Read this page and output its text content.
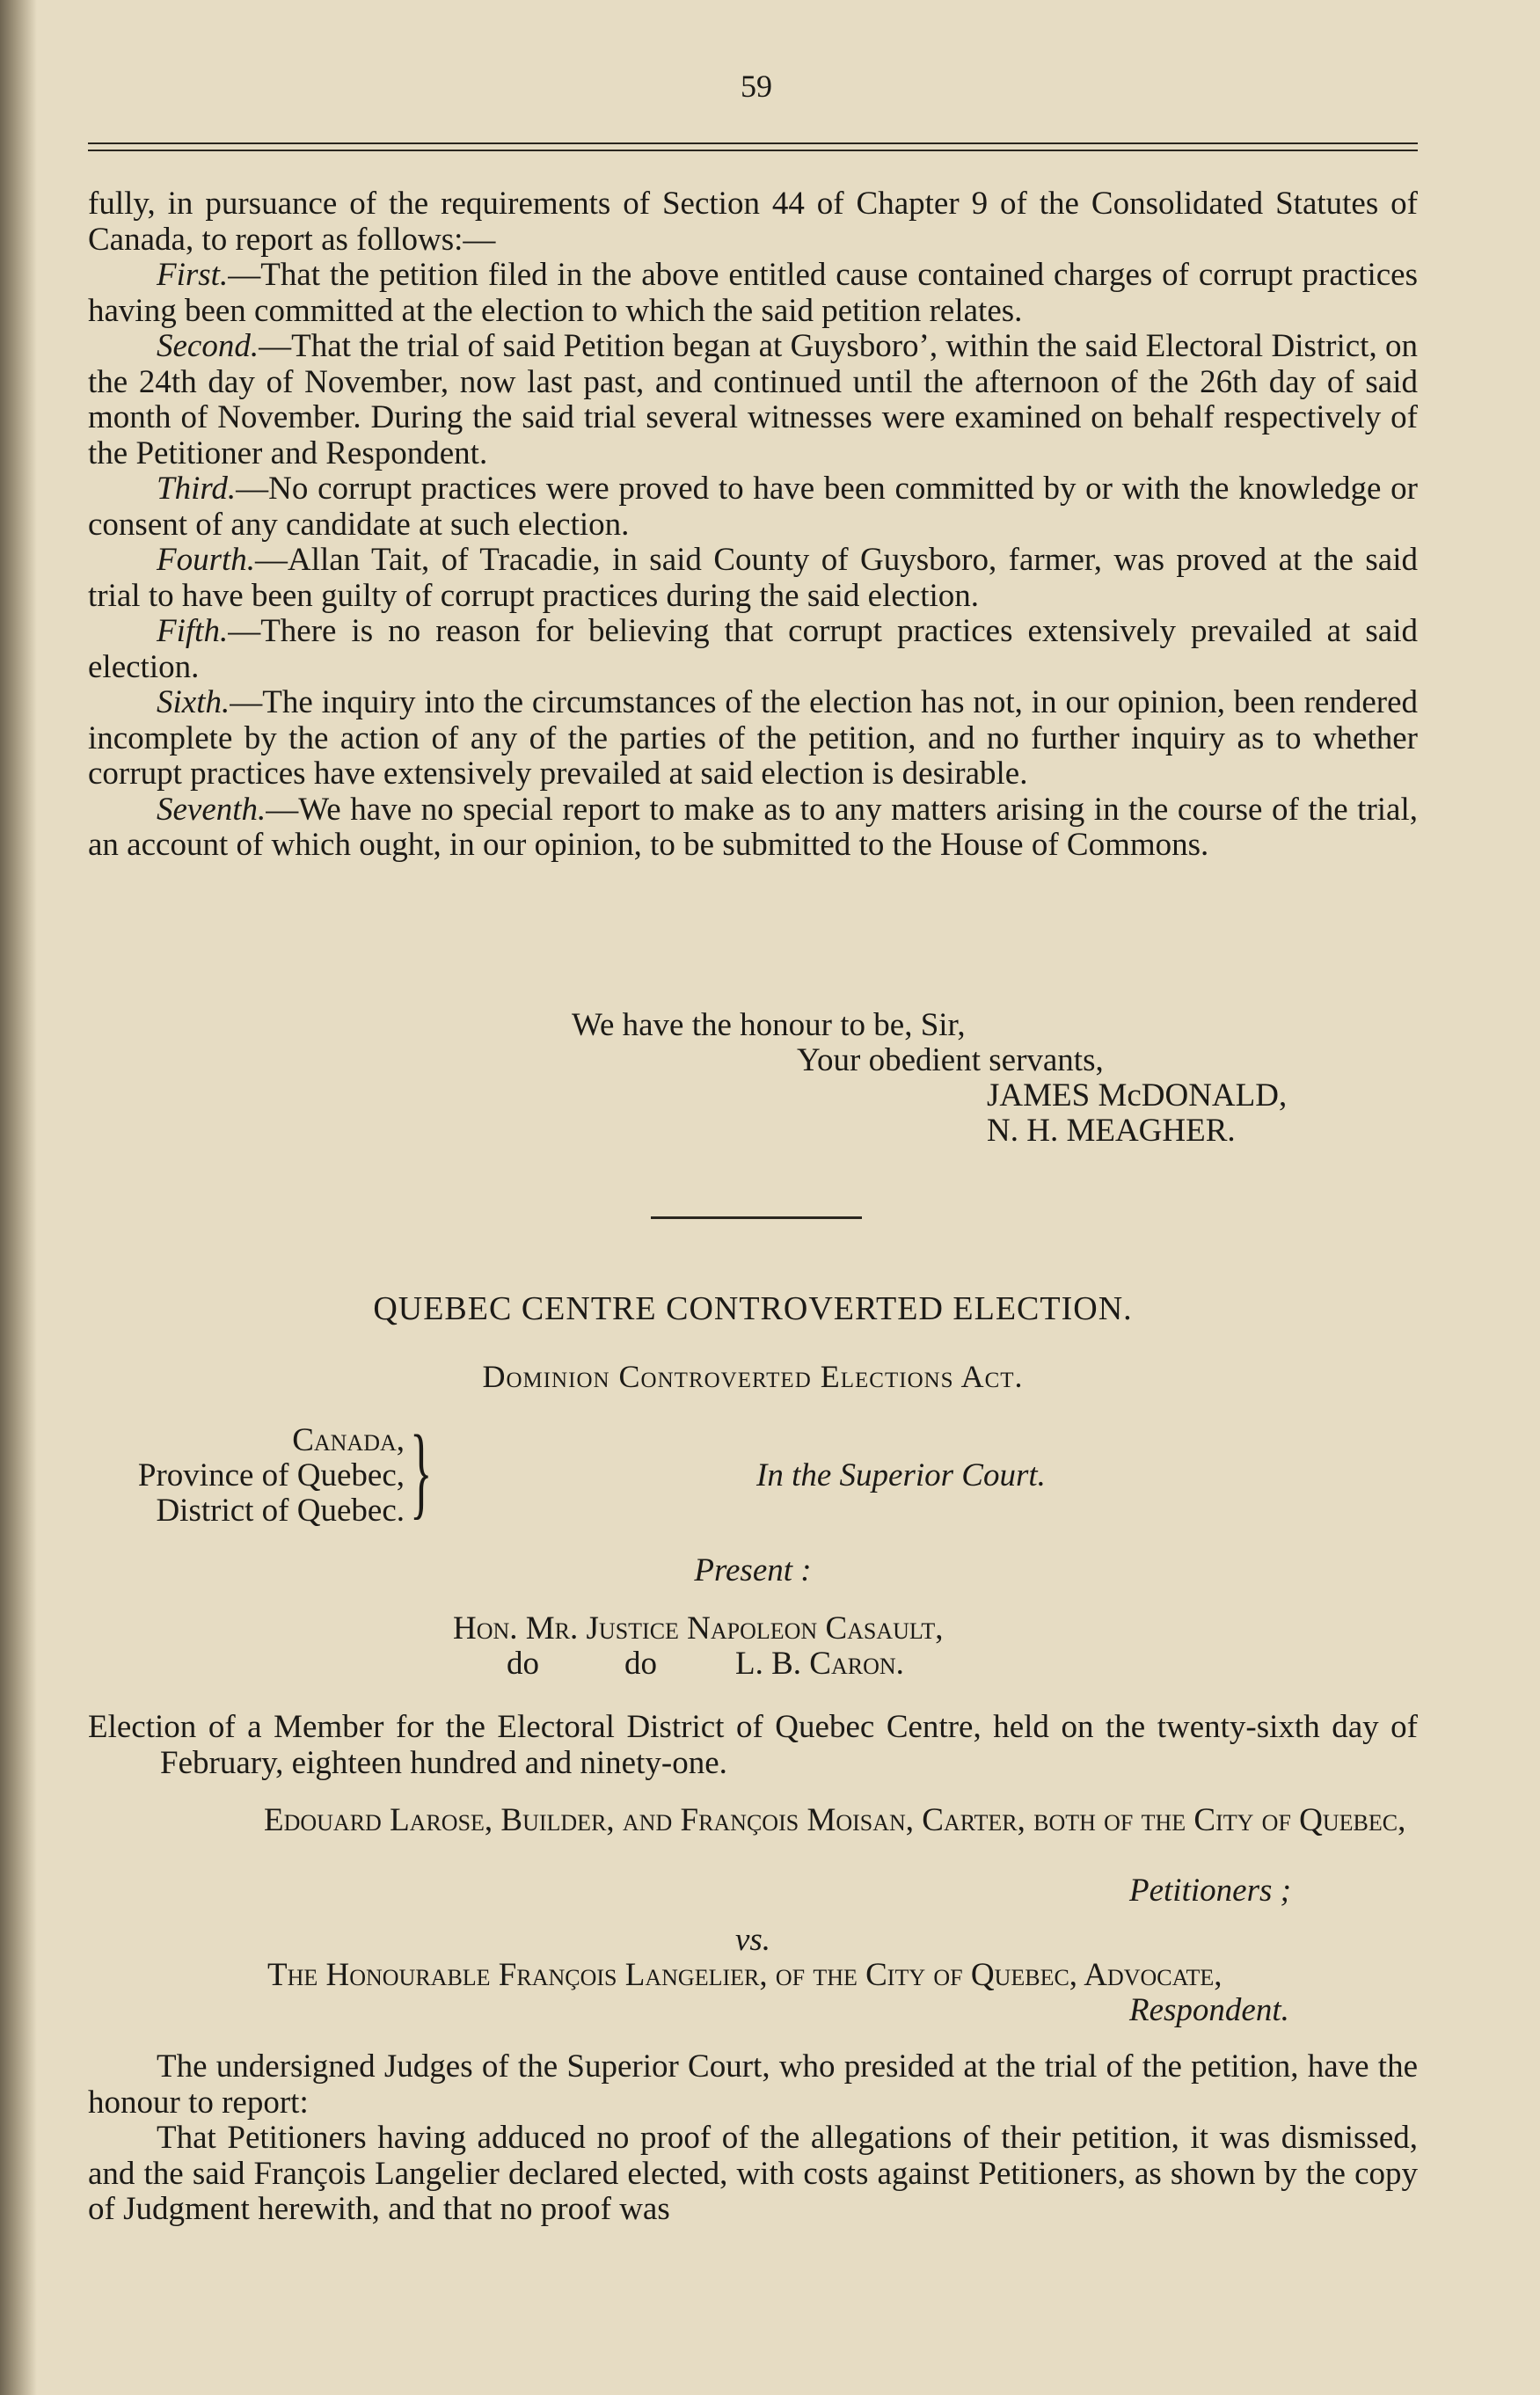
59

fully, in pursuance of the requirements of Section 44 of Chapter 9 of the Consolidated Statutes of Canada, to report as follows:—

First.—That the petition filed in the above entitled cause contained charges of corrupt practices having been committed at the election to which the said petition relates.

Second.—That the trial of said Petition began at Guysboro’, within the said Electoral District, on the 24th day of November, now last past, and continued until the afternoon of the 26th day of said month of November. During the said trial several witnesses were examined on behalf respectively of the Petitioner and Respondent.

Third.—No corrupt practices were proved to have been committed by or with the knowledge or consent of any candidate at such election.

Fourth.—Allan Tait, of Tracadie, in said County of Guysboro, farmer, was proved at the said trial to have been guilty of corrupt practices during the said election.

Fifth.—There is no reason for believing that corrupt practices extensively prevailed at said election.

Sixth.—The inquiry into the circumstances of the election has not, in our opinion, been rendered incomplete by the action of any of the parties of the petition, and no further inquiry as to whether corrupt practices have extensively prevailed at said election is desirable.

Seventh.—We have no special report to make as to any matters arising in the course of the trial, an account of which ought, in our opinion, to be submitted to the House of Commons.

We have the honour to be, Sir,
Your obedient servants,
JAMES McDONALD,
N. H. MEAGHER.
QUEBEC CENTRE CONTROVERTED ELECTION.
Dominion Controverted Elections Act.
Canada,
Province of Quebec,
District of Quebec. }	In the Superior Court.
Present :
Hon. Mr. Justice Napoleon Casault,
do	do L. B. Caron.

Election of a Member for the Electoral District of Quebec Centre, held on the twenty-sixth day of February, eighteen hundred and ninety-one.

Edouard Larose, Builder, and François Moisan, Carter, both of the City of Quebec,

Petitioners ;
vs.
The Honourable François Langelier, of the City of Quebec, Advocate,
Respondent.

The undersigned Judges of the Superior Court, who presided at the trial of the petition, have the honour to report:

That Petitioners having adduced no proof of the allegations of their petition, it was dismissed, and the said François Langelier declared elected, with costs against Petitioners, as shown by the copy of Judgment herewith, and that no proof was
